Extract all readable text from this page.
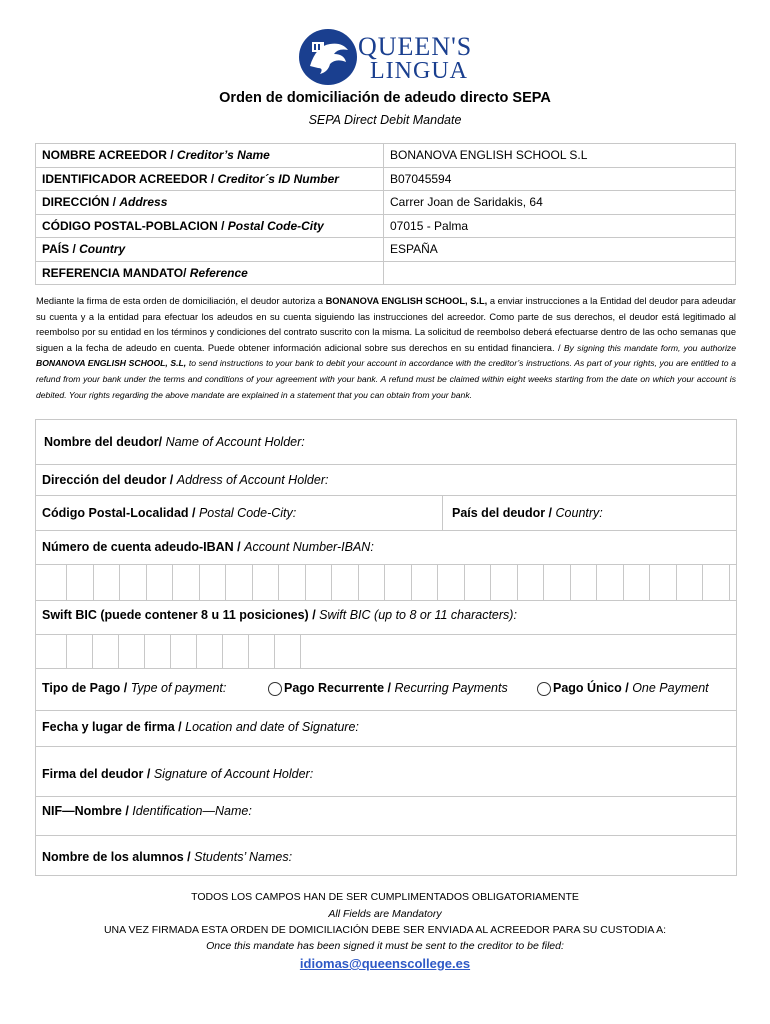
QUEEN'S
LINGUA
Orden de domiciliación de adeudo directo SEPA
SEPA Direct Debit Mandate
NOMBRE ACREEDOR / Creditor’s Name	BONANOVA ENGLISH SCHOOL S.L
IDENTIFICADOR ACREEDOR / Creditor´s ID Number	B07045594
DIRECCIÓN / Address	Carrer Joan de Saridakis, 64
CÓDIGO POSTAL-POBLACION / Postal Code-City	07015 - Palma
PAÍS / Country	ESPAÑA
REFERENCIA MANDATO/ Reference	
Mediante la firma de esta orden de domiciliación, el deudor autoriza a BONANOVA ENGLISH SCHOOL, S.L, a enviar instrucciones a la Entidad del deudor para adeudar su cuenta y a la entidad para efectuar los adeudos en su cuenta siguiendo las instrucciones del acreedor. Como parte de sus derechos, el deudor está legitimado al reembolso por su entidad en los términos y condiciones del contrato suscrito con la misma. La solicitud de reembolso deberá efectuarse dentro de las ocho semanas que siguen a la fecha de adeudo en cuenta. Puede obtener información adicional sobre sus derechos en su entidad financiera. / By signing this mandate form, you authorize BONANOVA ENGLISH SCHOOL, S.L, to send instructions to your bank to debit your account in accordance with the creditor’s instructions. As part of your rights, you are entitled to a refund from your bank under the terms and conditions of your agreement with your bank. A refund must be claimed within eight weeks starting from the date on which your account is debited. Your rights regarding the above mandate are explained in a statement that you can obtain from your bank.
Nombre del deudor/ Name of Account Holder:
Dirección del deudor / Address of Account Holder:
Código Postal-Localidad / Postal Code-City:	País del deudor / Country:
Número de cuenta adeudo-IBAN / Account Number-IBAN:
Swift BIC (puede contener 8 u 11 posiciones) / Swift BIC (up to 8 or 11 characters):
Tipo de Pago / Type of payment:	Pago Recurrente / Recurring Payments	Pago Único / One Payment
Fecha y lugar de firma / Location and date of Signature:
Firma del deudor / Signature of Account Holder:
NIF—Nombre / Identification—Name:
Nombre de los alumnos / Students’ Names:
TODOS LOS CAMPOS HAN DE SER CUMPLIMENTADOS OBLIGATORIAMENTE
All Fields are Mandatory
UNA VEZ FIRMADA ESTA ORDEN DE DOMICILIACIÓN DEBE SER ENVIADA AL ACREEDOR PARA SU CUSTODIA A:
Once this mandate has been signed it must be sent to the creditor to be filed:
idiomas@queenscollege.es
